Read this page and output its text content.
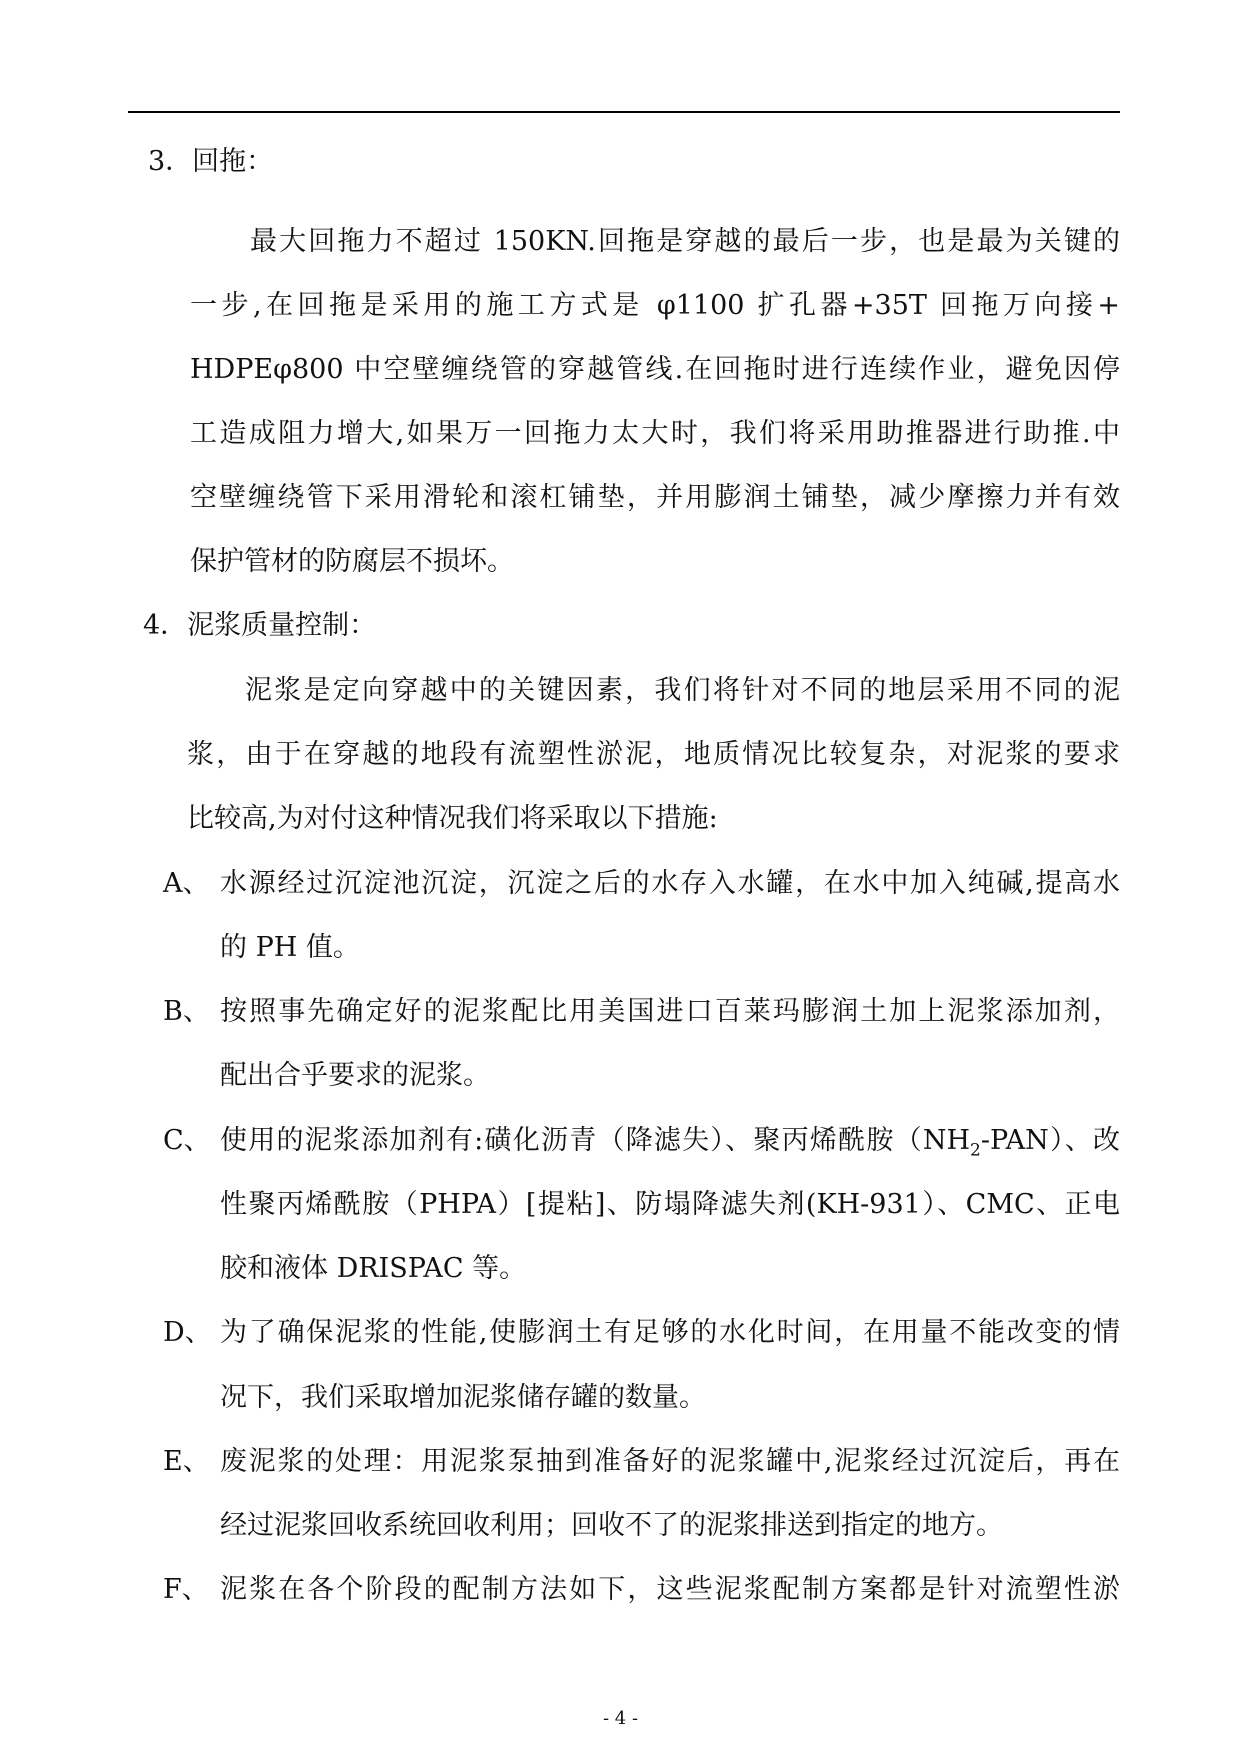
3．回拖：
最大回拖力不超过 150KN.回拖是穿越的最后一步，也是最为关键的
一步,在回拖是采用的施工方式是 φ1100 扩孔器+35T 回拖万向接+
HDPEφ800 中空壁缠绕管的穿越管线.在回拖时进行连续作业，避免因停
工造成阻力增大,如果万一回拖力太大时，我们将采用助推器进行助推.中
空壁缠绕管下采用滑轮和滚杠铺垫，并用膨润土铺垫，减少摩擦力并有效
保护管材的防腐层不损坏。
4．泥浆质量控制：
泥浆是定向穿越中的关键因素，我们将针对不同的地层采用不同的泥
浆，由于在穿越的地段有流塑性淤泥，地质情况比较复杂，对泥浆的要求
比较高,为对付这种情况我们将采取以下措施:
A、 水源经过沉淀池沉淀，沉淀之后的水存入水罐，在水中加入纯碱,提高水
的 PH 值。
B、 按照事先确定好的泥浆配比用美国进口百莱玛膨润土加上泥浆添加剂，
配出合乎要求的泥浆。
C、 使用的泥浆添加剂有:磺化沥青（降滤失）、聚丙烯酰胺$(NH_2-PAN)$、改
性聚丙烯酰胺（PHPA）[提粘]、防塌降滤失剂(KH-931）、CMC、正电
胶和液体 DRISPAC 等。
D、 为了确保泥浆的性能,使膨润土有足够的水化时间，在用量不能改变的情
况下，我们采取增加泥浆储存罐的数量。
E、 废泥浆的处理：用泥浆泵抽到准备好的泥浆罐中,泥浆经过沉淀后，再在
经过泥浆回收系统回收利用；回收不了的泥浆排送到指定的地方。
F、 泥浆在各个阶段的配制方法如下，这些泥浆配制方案都是针对流塑性淤
- 4 -
